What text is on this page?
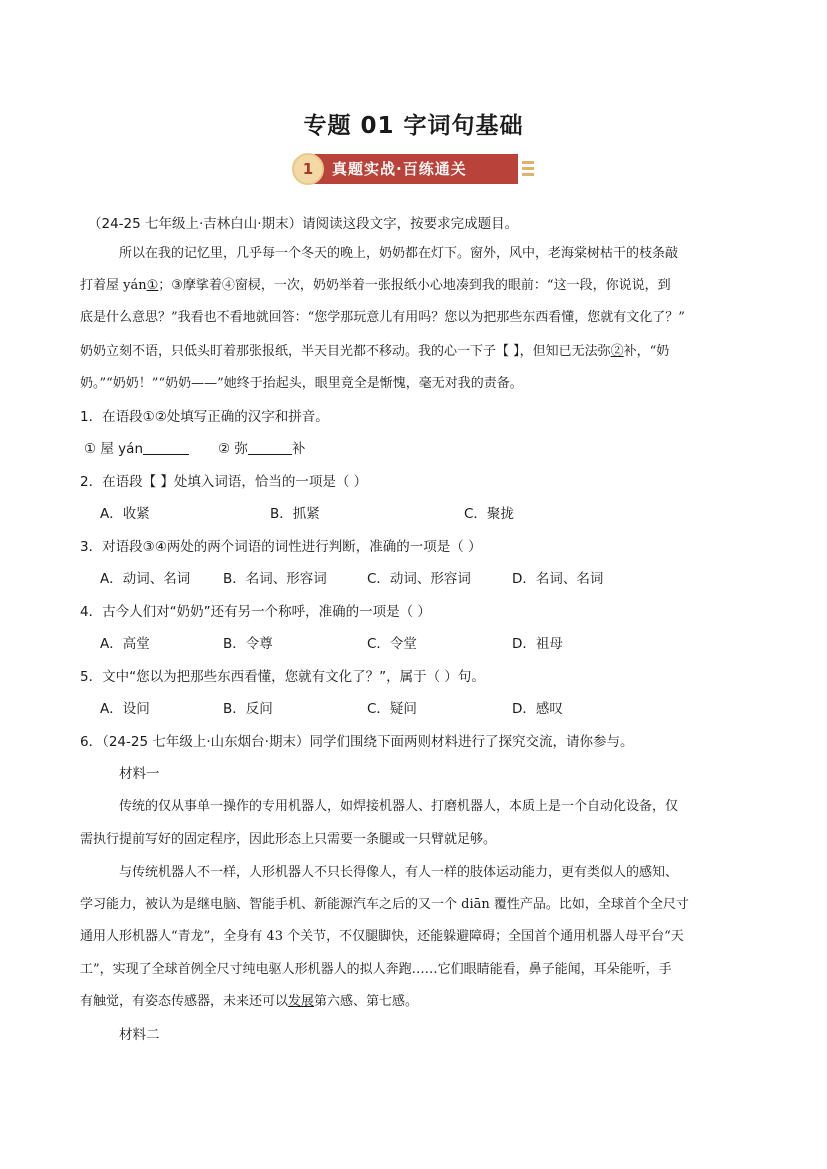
专题 01 字词句基础
1	真题实战·百练通关
（24-25 七年级上·吉林白山·期末）请阅读这段文字，按要求完成题目。
所以在我的记忆里，几乎每一个冬天的晚上，奶奶都在灯下。窗外，风中，老海棠树枯干的枝条敲
打着屋 yán①；③摩挲着④窗棂，一次，奶奶举着一张报纸小心地凑到我的眼前：“这一段，你说说，到
底是什么意思？”我看也不看地就回答：“您学那玩意儿有用吗？您以为把那些东西看懂，您就有文化了？”
奶奶立刻不语，只低头盯着那张报纸，半天目光都不移动。我的心一下子【 】，但知已无法弥②补，“奶
奶。”“奶奶！”“奶奶——”她终于抬起头，眼里竟全是惭愧，毫无对我的责备。
1．在语段①②处填写正确的汉字和拼音。
① 屋 yán	② 弥	补
2．在语段【 】处填入词语，恰当的一项是（ ）
A．收紧	B．抓紧	C．聚拢
3．对语段③④两处的两个词语的词性进行判断，准确的一项是（ ）
A．动词、名词 B．名词、形容词	C．动词、形容词	D．名词、名词
4．古今人们对“奶奶”还有另一个称呼，准确的一项是（ ）
A．高堂	B．令尊	C．令堂	D．祖母
5．文中“您以为把那些东西看懂，您就有文化了？”，属于（ ）句。
A．设问	B．反问	C．疑问	D．感叹
6．（24-25 七年级上·山东烟台·期末）同学们围绕下面两则材料进行了探究交流，请你参与。
材料一
传统的仅从事单一操作的专用机器人，如焊接机器人、打磨机器人，本质上是一个自动化设备，仅
需执行提前写好的固定程序，因此形态上只需要一条腿或一只臂就足够。
与传统机器人不一样，人形机器人不只长得像人，有人一样的肢体运动能力，更有类似人的感知、
学习能力，被认为是继电脑、智能手机、新能源汽车之后的又一个 diān 覆性产品。比如，全球首个全尺寸
通用人形机器人“青龙”，全身有 43 个关节，不仅腿脚快，还能躲避障碍；全国首个通用机器人母平台“天
工”，实现了全球首例全尺寸纯电驱人形机器人的拟人奔跑……它们眼睛能看，鼻子能闻，耳朵能听，手
有触觉，有姿态传感器，未来还可以发展第六感、第七感。
材料二
